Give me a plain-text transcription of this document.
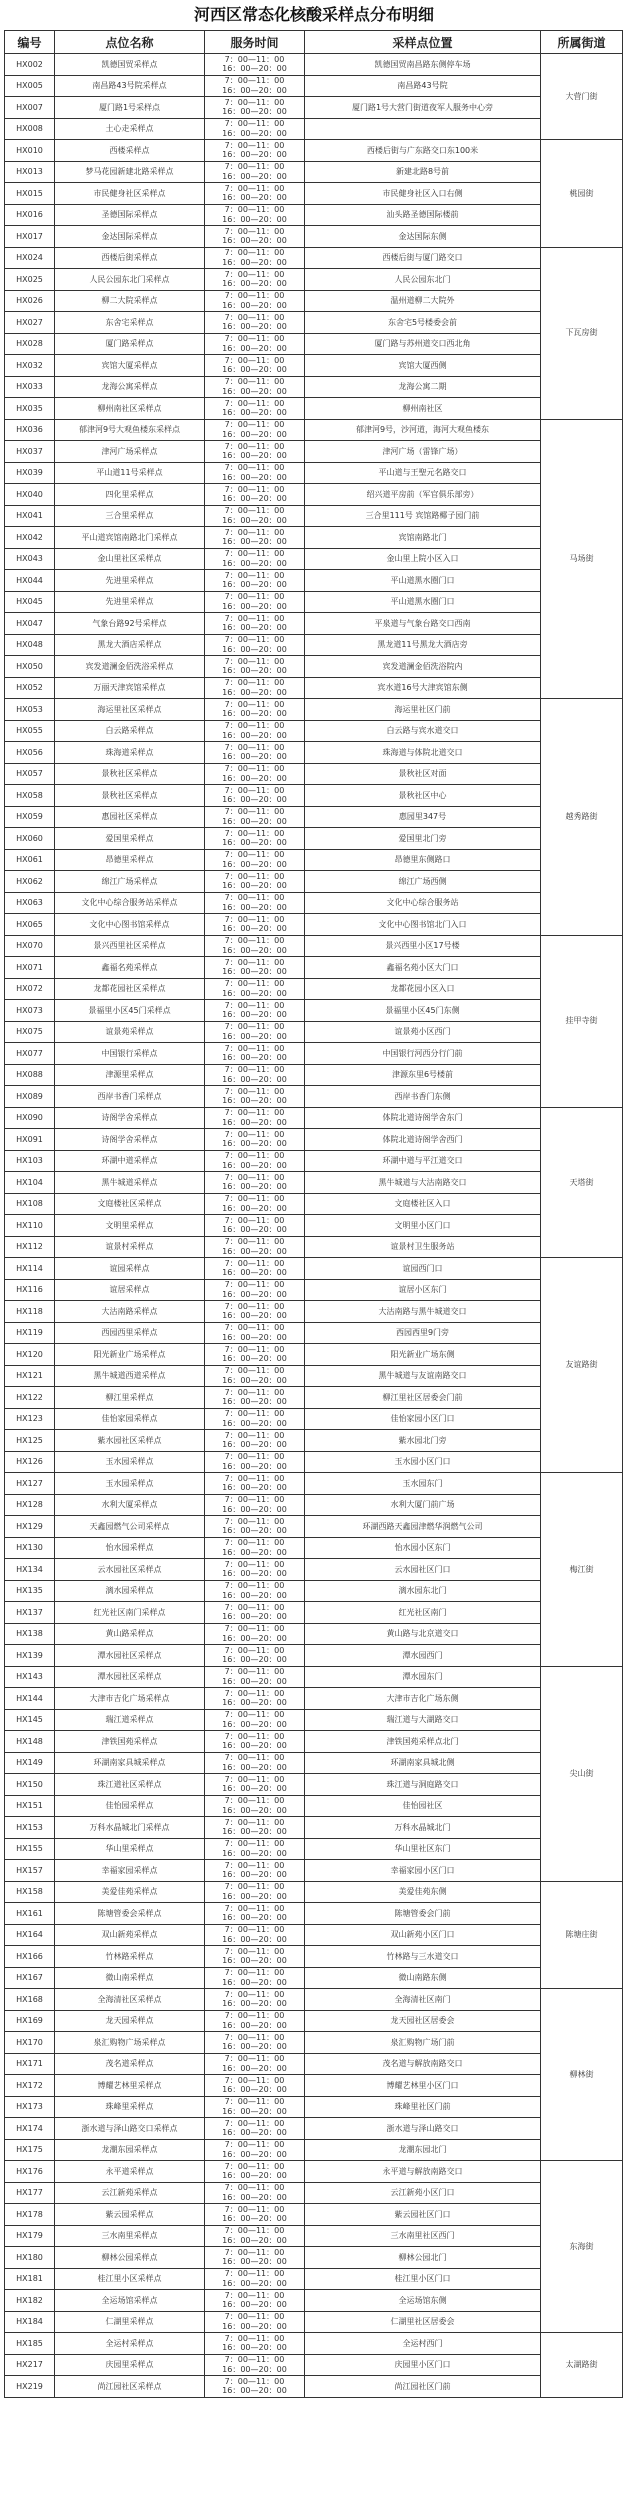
河西区常态化核酸采样点分布明细
编号	点位名称	服务时间	采样点位置	所属街道
HX002	凯德国贸采样点	7：00—11：00
16：00—20：00	凯德国贸南昌路东侧停车场	大营门街
HX005	南昌路43号院采样点	7：00—11：00
16：00—20：00	南昌路43号院	
HX007	厦门路1号采样点	7：00—11：00
16：00—20：00	厦门路1号大营门街道夜军人服务中心旁	
HX008	土心走采样点	7：00—11：00
16：00—20：00		

HX010	西楼采样点	7：00—11：00
16：00—20：00	西楼后街与广东路交口东100米	桃园街
HX013	梦马花园新建北路采样点	7：00—11：00
16：00—20：00	新建北路8号前	
HX015	市民健身社区采样点	7：00—11：00
16：00—20：00	市民健身社区入口右侧	
HX016	圣德国际采样点	7：00—11：00
16：00—20：00	汕头路圣德国际楼前	
HX017	金达国际采样点	7：00—11：00
16：00—20：00	金达国际东侧	
HX024	西楼后街采样点	7：00—11：00
16：00—20：00	西楼后街与厦门路交口	下瓦房街
HX025	人民公园东北门采样点	7：00—11：00
16：00—20：00	人民公园东北门	
HX026	柳二大院采样点	7：00—11：00
16：00—20：00	温州道柳二大院外	
HX027	东舍宅采样点	7：00—11：00
16：00—20：00	东舍宅5号楼委会前	
HX028	厦门路采样点	7：00—11：00
16：00—20：00	厦门路与苏州道交口西北角	
HX032	宾馆大厦采样点	7：00—11：00
16：00—20：00	宾馆大厦西侧	
HX033	龙海公寓采样点	7：00—11：00
16：00—20：00	龙海公寓二期	
HX035	柳州南社区采样点	7：00—11：00
16：00—20：00	柳州南社区	
HX036	郁津河9号大观鱼楼东采样点	7：00—11：00
16：00—20：00	郁津河9号，沙河道，海河大观鱼楼东	马场街
HX037	津河广场采样点	7：00—11：00
16：00—20：00	津河广场（雷锋广场）	
HX039	平山道11号采样点	7：00—11：00
16：00—20：00	平山道与王聖元名路交口	
HX040	四化里采样点	7：00—11：00
16：00—20：00	绍兴道平房前（军官俱乐部旁）	
HX041	三合里采样点	7：00—11：00
16：00—20：00	三合里111号 宾馆路椰子园门前	
HX042	平山道宾馆南路北门采样点	7：00—11：00
16：00—20：00	宾馆南路北门	
HX043	金山里社区采样点	7：00—11：00
16：00—20：00	金山里上院小区入口	
HX044	先进里采样点	7：00—11：00
16：00—20：00	平山道黑水圈门口	
HX045	先进里采样点	7：00—11：00
16：00—20：00	平山道黑水圈门口	
HX047	气象台路92号采样点	7：00—11：00
16：00—20：00	平泉道与气象台路交口西南	
HX048	黑龙大酒店采样点	7：00—11：00
16：00—20：00	黑龙道11号黑龙大酒店旁	
HX050	宾发道澜金佰洗浴采样点	7：00—11：00
16：00—20：00	宾发道澜金佰洗浴院内	
HX052	万丽天津宾馆采样点	7：00—11：00
16：00—20：00	宾水道16号大津宾馆东侧	
HX053	海运里社区采样点	7：00—11：00
16：00—20：00	海运里社区门前	越秀路街
HX055	白云路采样点	7：00—11：00
16：00—20：00	白云路与宾水道交口	
HX056	珠海道采样点	7：00—11：00
16：00—20：00	珠海道与体院北道交口	
HX057	景秋社区采样点	7：00—11：00
16：00—20：00	景秋社区对面	
HX058	景秋社区采样点	7：00—11：00
16：00—20：00	景秋社区中心	
HX059	惠园社区采样点	7：00—11：00
16：00—20：00	惠园里347号	
HX060	爱国里采样点	7：00—11：00
16：00—20：00	爱国里北门旁	
HX061	昂德里采样点	7：00—11：00
16：00—20：00	昂德里东侧路口	
HX062	绵江广场采样点	7：00—11：00
16：00—20：00	绵江广场西侧	
HX063	文化中心综合服务站采样点	7：00—11：00
16：00—20：00	文化中心综合服务站	
HX065	文化中心图书馆采样点	7：00—11：00
16：00—20：00	文化中心图书馆北门入口	
HX070	景兴西里社区采样点	7：00—11：00
16：00—20：00	景兴西里小区17号楼	挂甲寺街
HX071	鑫福名苑采样点	7：00—11：00
16：00—20：00	鑫福名苑小区大门口	
HX072	龙都花园社区采样点	7：00—11：00
16：00—20：00	龙都花园小区入口	
HX073	景福里小区45门采样点	7：00—11：00
16：00—20：00	景福里小区45门东侧	
HX075	谊景苑采样点	7：00—11：00
16：00—20：00	谊景苑小区西门	
HX077	中国银行采样点	7：00—11：00
16：00—20：00	中国银行河西分行门前	
HX088	津源里采样点	7：00—11：00
16：00—20：00	津源东里6号楼前	
HX089	西岸书香门采样点	7：00—11：00
16：00—20：00	西岸书香门东侧	
HX090	诗阁学舍采样点	7：00—11：00
16：00—20：00	体院北道诗阁学舍东门	天塔街
HX091	诗阁学舍采样点	7：00—11：00
16：00—20：00	体院北道诗阁学舍西门	
HX103	环湖中道采样点	7：00—11：00
16：00—20：00	环湖中道与平江道交口	
HX104	黑牛城道采样点	7：00—11：00
16：00—20：00	黑牛城道与大沽南路交口	
HX108	文庭楼社区采样点	7：00—11：00
16：00—20：00	文庭楼社区入口	
HX110	文明里采样点	7：00—11：00
16：00—20：00	文明里小区门口	
HX112	谊景村采样点	7：00—11：00
16：00—20：00	谊景村卫生服务站	
HX114	谊园采样点	7：00—11：00
16：00—20：00	谊园西门口	友谊路街
HX116	谊居采样点	7：00—11：00
16：00—20：00	谊居小区东门	
HX118	大沽南路采样点	7：00—11：00
16：00—20：00	大沽南路与黑牛城道交口	
HX119	西园西里采样点	7：00—11：00
16：00—20：00	西园西里9门旁	
HX120	阳光新业广场采样点	7：00—11：00
16：00—20：00	阳光新业广场东侧	
HX121	黑牛城道西道采样点	7：00—11：00
16：00—20：00	黑牛城道与友谊南路交口	
HX122	柳江里采样点	7：00—11：00
16：00—20：00	柳江里社区居委会门前	
HX123	佳怡家园采样点	7：00—11：00
16：00—20：00	佳怡家园小区门口	
HX125	紫水园社区采样点	7：00—11：00
16：00—20：00	紫水园北门旁	
HX126	玉水园采样点	7：00—11：00
16：00—20：00	玉水园小区门口	
HX127	玉水园采样点	7：00—11：00
16：00—20：00	玉水园东门	梅江街
HX128	水利大厦采样点	7：00—11：00
16：00—20：00	水利大厦门前广场	
HX129	天鑫园燃气公司采样点	7：00—11：00
16：00—20：00	环湖西路天鑫园津燃华润燃气公司	
HX130	怡水园采样点	7：00—11：00
16：00—20：00	怡水园小区东门	
HX134	云水园社区采样点	7：00—11：00
16：00—20：00	云水园社区门口	
HX135	漓水园采样点	7：00—11：00
16：00—20：00	漓水园东北门	
HX137	红光社区南门采样点	7：00—11：00
16：00—20：00	红光社区南门	
HX138	黄山路采样点	7：00—11：00
16：00—20：00	黄山路与北京道交口	
HX139	潭水园社区采样点	7：00—11：00
16：00—20：00	潭水园西门	
HX143	潭水园社区采样点	7：00—11：00
16：00—20：00	潭水园东门	尖山街
HX144	大津市吉化广场采样点	7：00—11：00
16：00—20：00	大津市吉化广场东侧	
HX145	瑞江道采样点	7：00—11：00
16：00—20：00	瑞江道与大湖路交口	
HX148	津铁国苑采样点	7：00—11：00
16：00—20：00	津铁国苑采样点北门	
HX149	环湖南家具城采样点	7：00—11：00
16：00—20：00	环湖南家具城北侧	
HX150	珠江道社区采样点	7：00—11：00
16：00—20：00	珠江道与洞庭路交口	
HX151	佳怡园采样点	7：00—11：00
16：00—20：00	佳怡园社区	
HX153	万科水晶城北门采样点	7：00—11：00
16：00—20：00	万科水晶城北门	
HX155	华山里采样点	7：00—11：00
16：00—20：00	华山里社区东门	
HX157	幸福家园采样点	7：00—11：00
16：00—20：00	幸福家园小区门口	
HX158	美爱佳苑采样点	7：00—11：00
16：00—20：00	美爱佳苑东侧	陈塘庄街
HX161	陈塘管委会采样点	7：00—11：00
16：00—20：00	陈塘管委会门前	
HX164	双山新苑采样点	7：00—11：00
16：00—20：00	双山新苑小区门口	
HX166	竹林路采样点	7：00—11：00
16：00—20：00	竹林路与三水道交口	
HX167	微山南采样点	7：00—11：00
16：00—20：00	微山南路东侧	
HX168	全海清社区采样点	7：00—11：00
16：00—20：00	全海清社区南门	柳林街
HX169	龙天园采样点	7：00—11：00
16：00—20：00	龙天园社区居委会	
HX170	泉汇购物广场采样点	7：00—11：00
16：00—20：00	泉汇购物广场门前	
HX171	茂名道采样点	7：00—11：00
16：00—20：00	茂名道与解放南路交口	
HX172	博耀艺林里采样点	7：00—11：00
16：00—20：00	博耀艺林里小区门口	
HX173	珠峰里采样点	7：00—11：00
16：00—20：00	珠峰里社区门前	
HX174	浙水道与泽山路交口采样点	7：00—11：00
16：00—20：00	浙水道与泽山路交口	
HX175	龙潮东园采样点	7：00—11：00
16：00—20：00	龙潮东园北门	
HX176	永平道采样点	7：00—11：00
16：00—20：00	永平道与解放南路交口	东海街
HX177	云江新苑采样点	7：00—11：00
16：00—20：00	云江新苑小区门口	
HX178	紫云园采样点	7：00—11：00
16：00—20：00	紫云园社区门口	
HX179	三水南里采样点	7：00—11：00
16：00—20：00	三水南里社区西门	
HX180	柳林公园采样点	7：00—11：00
16：00—20：00	柳林公园北门	
HX181	桂江里小区采样点	7：00—11：00
16：00—20：00	桂江里小区门口	
HX182	全运场馆采样点	7：00—11：00
16：00—20：00	全运场馆东侧	
HX184	仁湖里采样点	7：00—11：00
16：00—20：00	仁湖里社区居委会	
HX185	全运村采样点	7：00—11：00
16：00—20：00	全运村西门	太湖路街
HX217	庆园里采样点	7：00—11：00
16：00—20：00	庆园里小区门口	
HX219	尚江园社区采样点	7：00—11：00
16：00—20：00	尚江园社区门前	
